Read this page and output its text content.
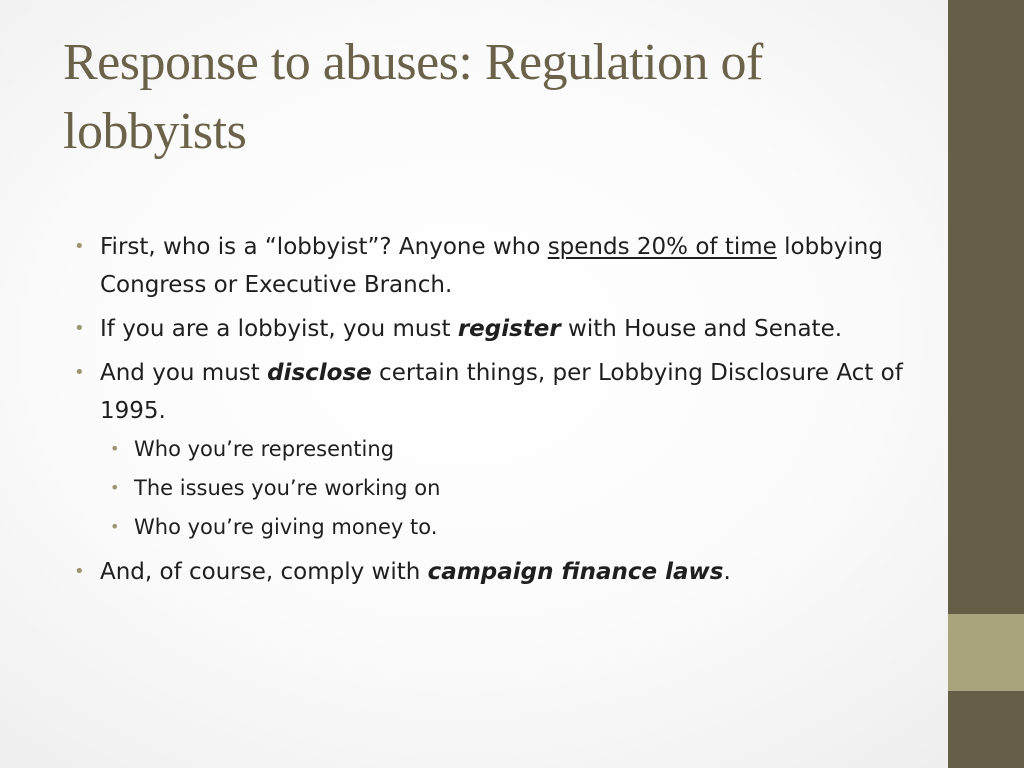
Response to abuses: Regulation of lobbyists
• First, who is a “lobbyist”? Anyone who spends 20% of time lobbying Congress or Executive Branch.
• If you are a lobbyist, you must register with House and Senate.
• And you must disclose certain things, per Lobbying Disclosure Act of 1995.
• Who you’re representing
• The issues you’re working on
• Who you’re giving money to.
• And, of course, comply with campaign finance laws.
